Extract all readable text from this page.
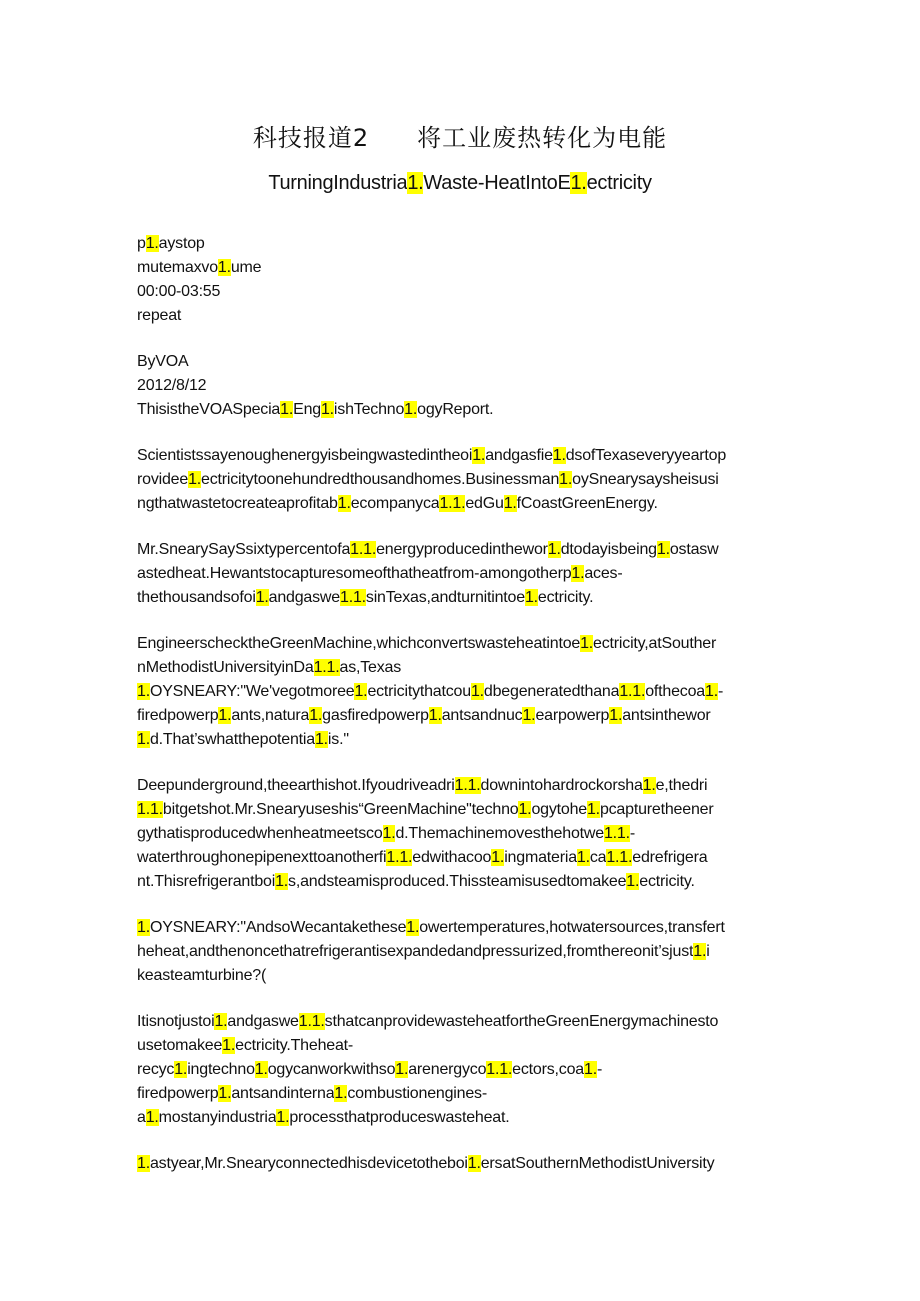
科技报道2 将工业废热转化为电能
TurningIndustria1.Waste-HeatIntoE1.ectricity
p1.aystop
mutemaxvo1.ume
00:00-03:55
repeat
ByVOA
2012/8/12
ThisistheVOASpecia1.Eng1.ishTechno1.ogyReport.
Scientistssayenoughenergyisbeingwastedintheoi1.andgasfie1.dsofTexaseveryyeartop
rovidee1.ectricitytoonehundredthousandhomes.Businessman1.oySnearysaysheisusi
ngthatwastetocreateaprofitab1.ecompanyca1.1.edGu1.fCoastGreenEnergy.
Mr.SnearySaySsixtypercentofa1.1.energyproducedinthewor1.dtodayisbeing1.ostasw
astedheat.Hewantstocapturesomeofthatheatfrom-amongotherp1.aces-
thethousandsofoi1.andgaswe1.1.sinTexas,andturnitintoe1.ectricity.
EngineerschecktheGreenMachine,whichconvertswasteheatintoe1.ectricity,atSouther
nMethodistUniversityinDa1.1.as,Texas
1.OYSNEARY:"We'vegotmoree1.ectricitythatcou1.dbegeneratedthana1.1.ofthecoa1.-
firedpowerp1.ants,natura1.gasfiredpowerp1.antsandnuc1.earpowerp1.antsinthewor
1.d.That’swhatthepotentia1.is."
Deepunderground,theearthishot.Ifyoudriveadri1.1.downintohardrockorsha1.e,thedri
1.1.bitgetshot.Mr.Snearyuseshis“GreenMachine"techno1.ogytohe1.pcapturetheener
gythatisproducedwhenheatmeetsco1.d.Themachinemovesthehotwe1.1.-
waterthroughonepipenexttoanotherfi1.1.edwithacoo1.ingmateria1.ca1.1.edrefrigera
nt.Thisrefrigerantboi1.s,andsteamisproduced.Thissteamisusedtomakee1.ectricity.
1.OYSNEARY:"AndsoWecantakethese1.owertemperatures,hotwatersources,transfert
heheat,andthenoncethatrefrigerantisexpandedandpressurized,fromthereonit’sjust1.i
keasteamturbine?(
Itisnotjustoi1.andgaswe1.1.sthatcanprovidewasteheatfortheGreenEnergymachinesto
usetomakee1.ectricity.Theheat-
recyc1.ingtechno1.ogycanworkwithso1.arenergyco1.1.ectors,coa1.-
firedpowerp1.antsandinterna1.combustionengines-
a1.mostanyindustria1.processthatproduceswasteheat.
1.astyear,Mr.Snearyconnectedhisdevicetotheboi1.ersatSouthernMethodistUniversity
